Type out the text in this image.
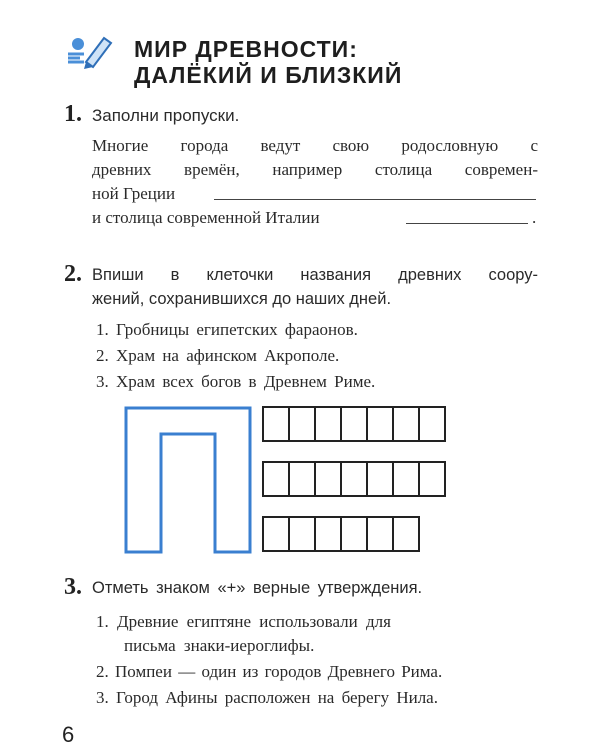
МИР ДРЕВНОСТИ:
ДАЛЁКИЙ И БЛИЗКИЙ
1. Заполни пропуски.
Многие города ведут свою родословную с
древних времён, например столица современ-
ной Греции
и столица современной Италии	.
2. Впиши в клеточки названия древних соору-
жений, сохранившихся до наших дней.
1. Гробницы египетских фараонов.
2. Храм на афинском Акрополе.
3. Храм всех богов в Древнем Риме.
3. Отметь знаком «+» верные утверждения.
1. Древние египтяне использовали для
письма знаки-иероглифы.
2. Помпеи — один из городов Древнего Рима.
3. Город Афины расположен на берегу Нила.
6
